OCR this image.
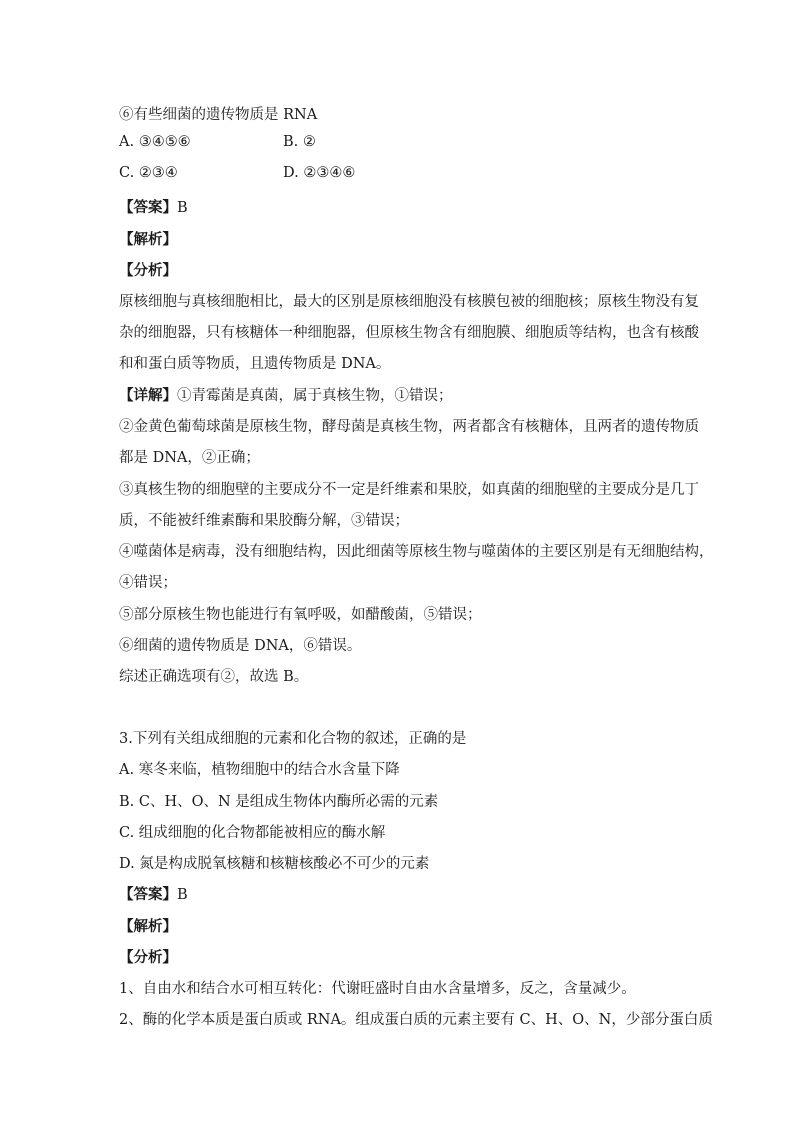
⑥有些细菌的遗传物质是 RNA
A. ③④⑤⑥	B. ②
C. ②③④	D. ②③④⑥
【答案】B
【解析】
【分析】
原核细胞与真核细胞相比，最大的区别是原核细胞没有核膜包被的细胞核；原核生物没有复
杂的细胞器，只有核糖体一种细胞器，但原核生物含有细胞膜、细胞质等结构，也含有核酸
和和蛋白质等物质，且遗传物质是 DNA。
【详解】①青霉菌是真菌，属于真核生物，①错误；
②金黄色葡萄球菌是原核生物，酵母菌是真核生物，两者都含有核糖体，且两者的遗传物质
都是 DNA，②正确；
③真核生物的细胞壁的主要成分不一定是纤维素和果胶，如真菌的细胞壁的主要成分是几丁
质，不能被纤维素酶和果胶酶分解，③错误；
④噬菌体是病毒，没有细胞结构，因此细菌等原核生物与噬菌体的主要区别是有无细胞结构，
④错误；
⑤部分原核生物也能进行有氧呼吸，如醋酸菌，⑤错误；
⑥细菌的遗传物质是 DNA，⑥错误。
综述正确选项有②，故选 B。
3.下列有关组成细胞的元素和化合物的叙述，正确的是
A. 寒冬来临，植物细胞中的结合水含量下降
B. C、H、O、N 是组成生物体内酶所必需的元素
C. 组成细胞的化合物都能被相应的酶水解
D. 氮是构成脱氧核糖和核糖核酸必不可少的元素
【答案】B
【解析】
【分析】
1、自由水和结合水可相互转化：代谢旺盛时自由水含量增多，反之，含量减少。
2、酶的化学本质是蛋白质或 RNA。组成蛋白质的元素主要有 C、H、O、N，少部分蛋白质
